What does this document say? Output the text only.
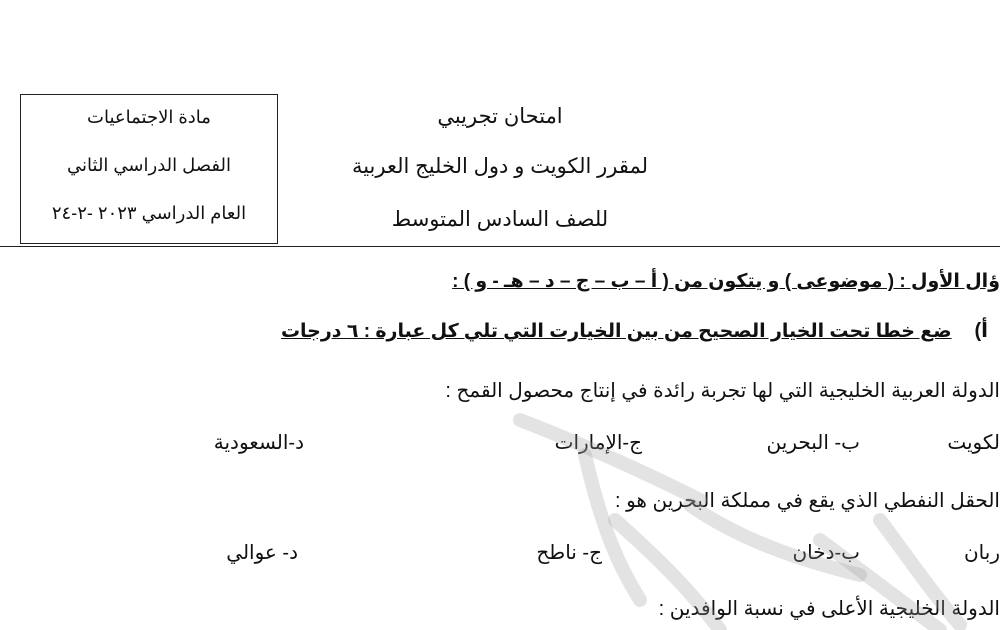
مادة الاجتماعيات
الفصل الدراسي الثاني
العام الدراسي ٢٠٢٣ -٢-٢٤
امتحان تجريبي
لمقرر الكويت و دول الخليج العربية
للصف السادس المتوسط
ؤال الأول : ( موضوعى ) و يتكون من ( أ – ب – ج – د – هـ - و ) :
أ)  ضع خطا تحت الخيار الصحيح من بين الخيارت التي تلي كل عبارة : ٦ درجات
الدولة العربية الخليجية التي لها تجربة رائدة في إنتاج محصول القمح :
لكويت
ب- البحرين
ج-الإمارات
د-السعودية
الحقل النفطي الذي يقع في مملكة البحرين هو :
ربان
ب-دخان
ج- ناطح
د- عوالي
الدولة الخليجية الأعلى في نسبة الوافدين :
